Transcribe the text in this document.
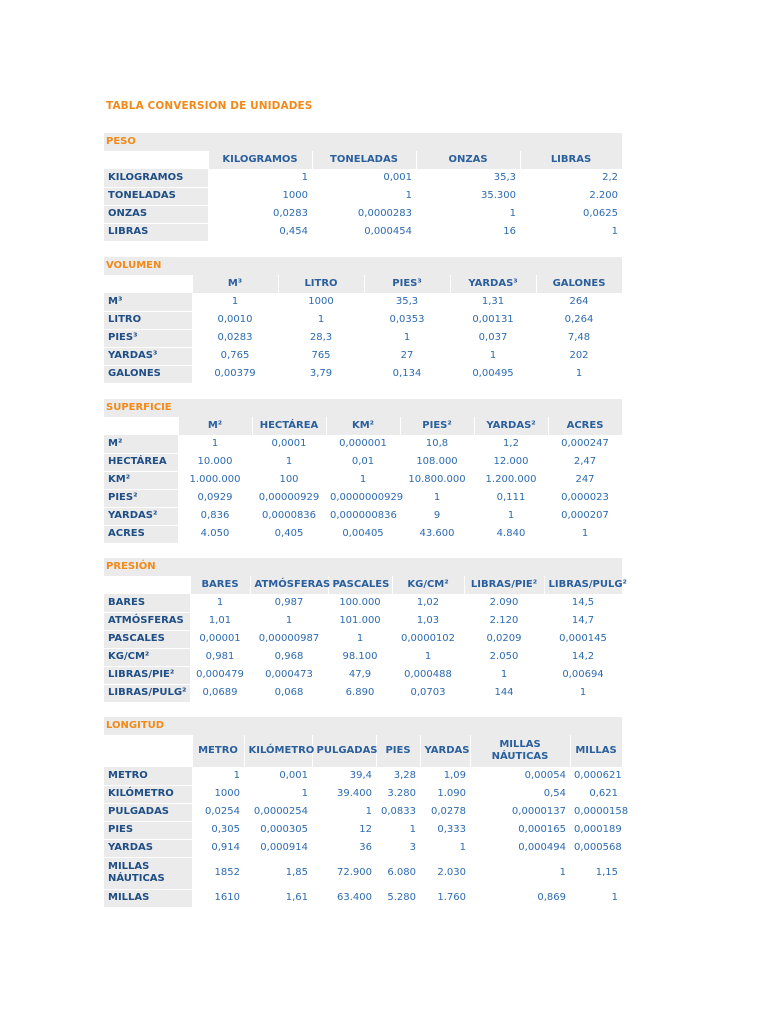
TABLA CONVERSION DE UNIDADES
PESO
	KILOGRAMOS	TONELADAS	ONZAS	LIBRAS
KILOGRAMOS	1	0,001	35,3	2,2
TONELADAS	1000	1	35.300	2.200
ONZAS	0,0283	0,0000283	1	0,0625
LIBRAS	0,454	0,000454	16	1
VOLUMEN
	M³	LITRO	PIES³	YARDAS³	GALONES
M³	1	1000	35,3	1,31	264
LITRO	0,0010	1	0,0353	0,00131	0,264
PIES³	0,0283	28,3	1	0,037	7,48
YARDAS³	0,765	765	27	1	202
GALONES	0,00379	3,79	0,134	0,00495	1
SUPERFICIE
	M²	HECTÁREA	KM²	PIES²	YARDAS²	ACRES
M²	1	0,0001	0,000001	10,8	1,2	0,000247
HECTÁREA	10.000	1	0,01	108.000	12.000	2,47
KM²	1.000.000	100	1	10.800.000	1.200.000	247
PIES²	0,0929	0,00000929	0,0000000929	1	0,111	0,000023
YARDAS²	0,836	0,0000836	0,000000836	9	1	0,000207
ACRES	4.050	0,405	0,00405	43.600	4.840	1
PRESIÓN
	BARES	ATMÓSFERAS	PASCALES	KG/CM²	LIBRAS/PIE²	LIBRAS/PULG²
BARES	1	0,987	100.000	1,02	2.090	14,5
ATMÓSFERAS	1,01	1	101.000	1,03	2.120	14,7
PASCALES	0,00001	0,00000987	1	0,0000102	0,0209	0,000145
KG/CM²	0,981	0,968	98.100	1	2.050	14,2
LIBRAS/PIE²	0,000479	0,000473	47,9	0,000488	1	0,00694
LIBRAS/PULG²	0,0689	0,068	6.890	0,0703	144	1
LONGITUD
	METRO	KILÓMETRO	PULGADAS	PIES	YARDAS	MILLAS NÁUTICAS	MILLAS
METRO	1	0,001	39,4	3,28	1,09	0,00054	0,000621
KILÓMETRO	1000	1	39.400	3.280	1.090	0,54	0,621
PULGADAS	0,0254	0,0000254	1	0,0833	0,0278	0,0000137	0,0000158
PIES	0,305	0,000305	12	1	0,333	0,000165	0,000189
YARDAS	0,914	0,000914	36	3	1	0,000494	0,000568
MILLAS NÁUTICAS	1852	1,85	72.900	6.080	2.030	1	1,15
MILLAS	1610	1,61	63.400	5.280	1.760	0,869	1
